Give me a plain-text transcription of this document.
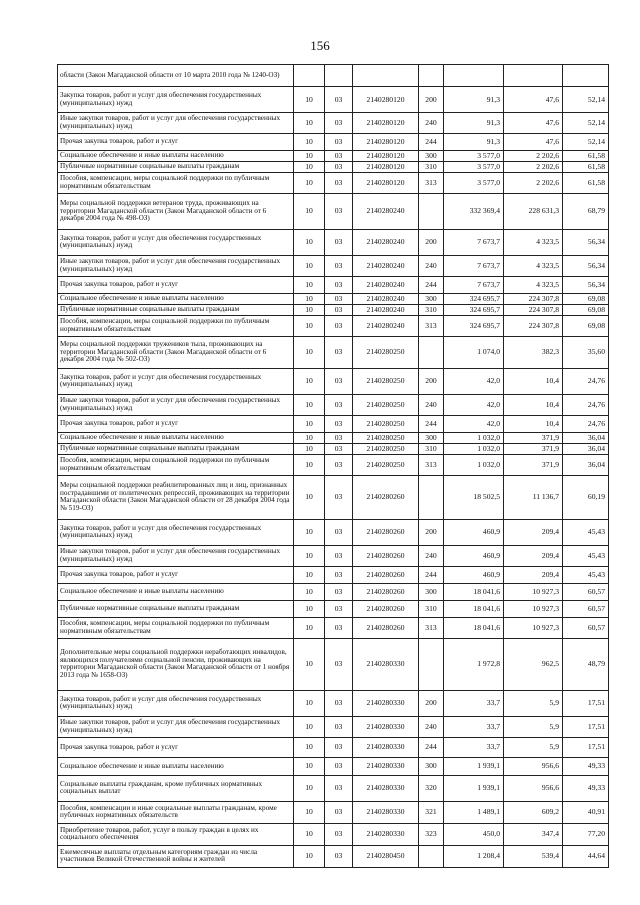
156
области (Закон Магаданской области от 10 марта 2010 года № 1240-ОЗ)							
Закупка товаров, работ и услуг для обеспечения государственных (муниципальных) нужд	10	03	2140280120	200	91,3	47,6	52,14
Иные закупки товаров, работ и услуг для обеспечения государственных (муниципальных) нужд	10	03	2140280120	240	91,3	47,6	52,14
Прочая закупка товаров, работ и услуг	10	03	2140280120	244	91,3	47,6	52,14
Социальное обеспечение и иные выплаты населению	10	03	2140280120	300	3 577,0	2 202,6	61,58
Публичные нормативные социальные выплаты гражданам	10	03	2140280120	310	3 577,0	2 202,6	61,58
Пособия, компенсации, меры социальной поддержки по публичным нормативным обязательствам	10	03	2140280120	313	3 577,0	2 202,6	61,58
Меры социальной поддержки ветеранов труда, проживающих на территории Магаданской области (Закон Магаданской области от 6 декабря 2004 года № 498-ОЗ)	10	03	2140280240		332 369,4	228 631,3	68,79
Закупка товаров, работ и услуг для обеспечения государственных (муниципальных) нужд	10	03	2140280240	200	7 673,7	4 323,5	56,34
Иные закупки товаров, работ и услуг для обеспечения государственных (муниципальных) нужд	10	03	2140280240	240	7 673,7	4 323,5	56,34
Прочая закупка товаров, работ и услуг	10	03	2140280240	244	7 673,7	4 323,5	56,34
Социальное обеспечение и иные выплаты населению	10	03	2140280240	300	324 695,7	224 307,8	69,08
Публичные нормативные социальные выплаты гражданам	10	03	2140280240	310	324 695,7	224 307,8	69,08
Пособия, компенсации, меры социальной поддержки по публичным нормативным обязательствам	10	03	2140280240	313	324 695,7	224 307,8	69,08
Меры социальной поддержки тружеников тыла, проживающих на территории Магаданской области (Закон Магаданской области от 6 декабря 2004 года № 502-ОЗ)	10	03	2140280250		1 074,0	382,3	35,60
Закупка товаров, работ и услуг для обеспечения государственных (муниципальных) нужд	10	03	2140280250	200	42,0	10,4	24,76
Иные закупки товаров, работ и услуг для обеспечения государственных (муниципальных) нужд	10	03	2140280250	240	42,0	10,4	24,76
Прочая закупка товаров, работ и услуг	10	03	2140280250	244	42,0	10,4	24,76
Социальное обеспечение и иные выплаты населению	10	03	2140280250	300	1 032,0	371,9	36,04
Публичные нормативные социальные выплаты гражданам	10	03	2140280250	310	1 032,0	371,9	36,04
Пособия, компенсации, меры социальной поддержки по публичным нормативным обязательствам	10	03	2140280250	313	1 032,0	371,9	36,04
Меры социальной поддержки реабилитированных лиц и лиц, признанных пострадавшими от политических репрессий, проживающих на территории Магаданской области (Закон Магаданской области от 28 декабря 2004 года № 519-ОЗ)	10	03	2140280260		18 502,5	11 136,7	60,19
Закупка товаров, работ и услуг для обеспечения государственных (муниципальных) нужд	10	03	2140280260	200	460,9	209,4	45,43
Иные закупки товаров, работ и услуг для обеспечения государственных (муниципальных) нужд	10	03	2140280260	240	460,9	209,4	45,43
Прочая закупка товаров, работ и услуг	10	03	2140280260	244	460,9	209,4	45,43
Социальное обеспечение и иные выплаты населению	10	03	2140280260	300	18 041,6	10 927,3	60,57
Публичные нормативные социальные выплаты гражданам	10	03	2140280260	310	18 041,6	10 927,3	60,57
Пособия, компенсации, меры социальной поддержки по публичным нормативным обязательствам	10	03	2140280260	313	18 041,6	10 927,3	60,57
Дополнительные меры социальной поддержки неработающих инвалидов, являющихся получателями социальной пенсии, проживающих на территории Магаданской области (Закон Магаданской области от 1 ноября 2013 года № 1658-ОЗ)	10	03	2140280330		1 972,8	962,5	48,79
Закупка товаров, работ и услуг для обеспечения государственных (муниципальных) нужд	10	03	2140280330	200	33,7	5,9	17,51
Иные закупки товаров, работ и услуг для обеспечения государственных (муниципальных) нужд	10	03	2140280330	240	33,7	5,9	17,51
Прочая закупка товаров, работ и услуг	10	03	2140280330	244	33,7	5,9	17,51
Социальное обеспечение и иные выплаты населению	10	03	2140280330	300	1 939,1	956,6	49,33
Социальные выплаты гражданам, кроме публичных нормативных социальных выплат	10	03	2140280330	320	1 939,1	956,6	49,33
Пособия, компенсации и иные социальные выплаты гражданам, кроме публичных нормативных обязательств	10	03	2140280330	321	1 489,1	609,2	40,91
Приобретение товаров, работ, услуг в пользу граждан в целях их социального обеспечения	10	03	2140280330	323	450,0	347,4	77,20
Ежемесячные выплаты отдельным категориям граждан из числа участников Великой Отечественной войны и жителей	10	03	2140280450		1 208,4	539,4	44,64
